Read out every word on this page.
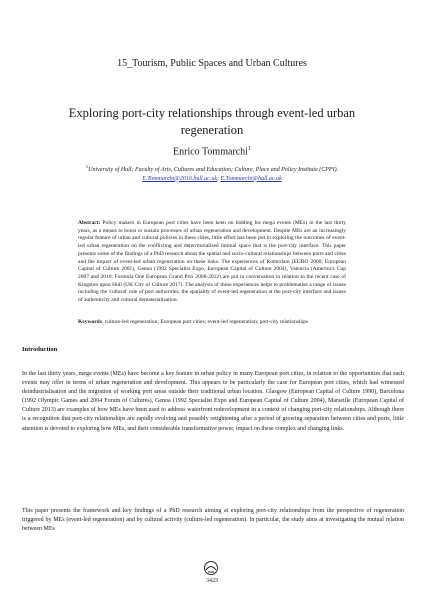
15_Tourism, Public Spaces and Urban Cultures
Exploring port-city relationships through event-led urban regeneration
Enrico Tommarchi$^1$
$^1$University of Hull; Faculty of Arts, Cultures and Education; Culture, Place and Policy Institute (CPPI).
E.Tommarchi@2016.hull.ac.uk; E.Tommarchi@hull.ac.uk
Abstract: Policy makers in European port cities have been keen on bidding for mega events (MEs) in the last thirty years, as a means to boost or sustain processes of urban regeneration and development. Despite MEs are an increasingly regular feature of urban and cultural policies in these cities, little effort has been put in exploring the outcomes of event-led urban regeneration on the conflicting and deterritorialised liminal space that is the port-city interface. This paper presents some of the findings of a PhD research about the spatial and socio-cultural relationships between ports and cities and the impact of event-led urban regeneration on these links. The experiences of Rotterdam (EURO 2000; European Capital of Culture 2001), Genoa (1992 Specialist Expo, European Capital of Culture 2004), Valencia (America's Cup 2007 and 2010; Formula One European Grand Prix 2008-2012) are put in conversation in relation to the recent case of Kingston upon Hull (UK City of Culture 2017). The analysis of these experiences helps to problematise a range of issues including the 'cultural' role of port authorities, the spatiality of event-led regeneration at the port-city interface and issues of authenticity and cultural dematerialisation.
Keywords: culture-led regeneration; European port cities; event-led regeneration; port-city relationships
Introduction
In the last thirty years, mega events (MEs) have become a key feature in urban policy in many European port cities, in relation to the opportunities that such events may offer in terms of urban regeneration and development. This appears to be particularly the case for European port cities, which had witnessed deindustrialisation and the migration of working port areas outside their traditional urban location. Glasgow (European Capital of Culture 1990), Barcelona (1992 Olympic Games and 2004 Forum of Cultures), Genoa (1992 Specialist Expo and European Capital of Culture 2004), Marseille (European Capital of Culture 2013) are examples of how MEs have been used to address waterfront redevelopment in a context of changing port-city relationships. Although there is a recognition that port-city relationships are rapidly evolving and possibly retightening after a period of growing separation between cities and ports, little attention is devoted to exploring how MEs, and their considerable transformative power, impact on these complex and changing links.
This paper presents the framework and key findings of a PhD research aiming at exploring port-city relationships from the perspective of regeneration triggered by MEs (event-led regeneration) and by cultural activity (culture-led regeneration). In particular, the study aims at investigating the mutual relation between MEs
3423
